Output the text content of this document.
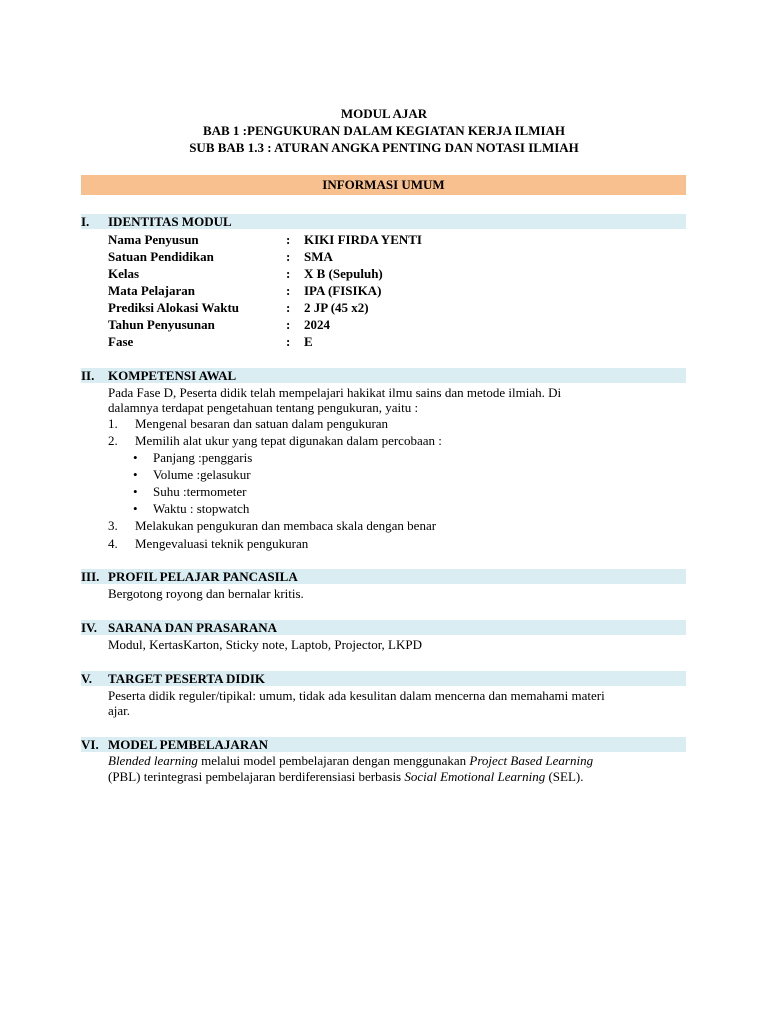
MODUL AJAR
BAB 1 :PENGUKURAN DALAM KEGIATAN KERJA ILMIAH
SUB BAB 1.3 : ATURAN ANGKA PENTING DAN NOTASI ILMIAH
INFORMASI UMUM
I. IDENTITAS MODUL
Nama Penyusun	: KIKI FIRDA YENTI
Satuan Pendidikan	: SMA
Kelas	: X B (Sepuluh)
Mata Pelajaran	: IPA (FISIKA)
Prediksi Alokasi Waktu	: 2 JP (45 x2)
Tahun Penyusunan	: 2024
Fase	: E
II. KOMPETENSI AWAL
Pada Fase D, Peserta didik telah mempelajari hakikat ilmu sains dan metode ilmiah. Di
dalamnya terdapat pengetahuan tentang pengukuran, yaitu :
1. Mengenal besaran dan satuan dalam pengukuran
2. Memilih alat ukur yang tepat digunakan dalam percobaan :
• Panjang :penggaris
• Volume :gelasukur
• Suhu :termometer
• Waktu : stopwatch
3. Melakukan pengukuran dan membaca skala dengan benar
4. Mengevaluasi teknik pengukuran
III. PROFIL PELAJAR PANCASILA
Bergotong royong dan bernalar kritis.
IV. SARANA DAN PRASARANA
Modul, KertasKarton, Sticky note, Laptob, Projector, LKPD
V. TARGET PESERTA DIDIK
Peserta didik reguler/tipikal: umum, tidak ada kesulitan dalam mencerna dan memahami materi
ajar.
VI. MODEL PEMBELAJARAN
Blended learning melalui model pembelajaran dengan menggunakan Project Based Learning
(PBL) terintegrasi pembelajaran berdiferensiasi berbasis Social Emotional Learning (SEL).
